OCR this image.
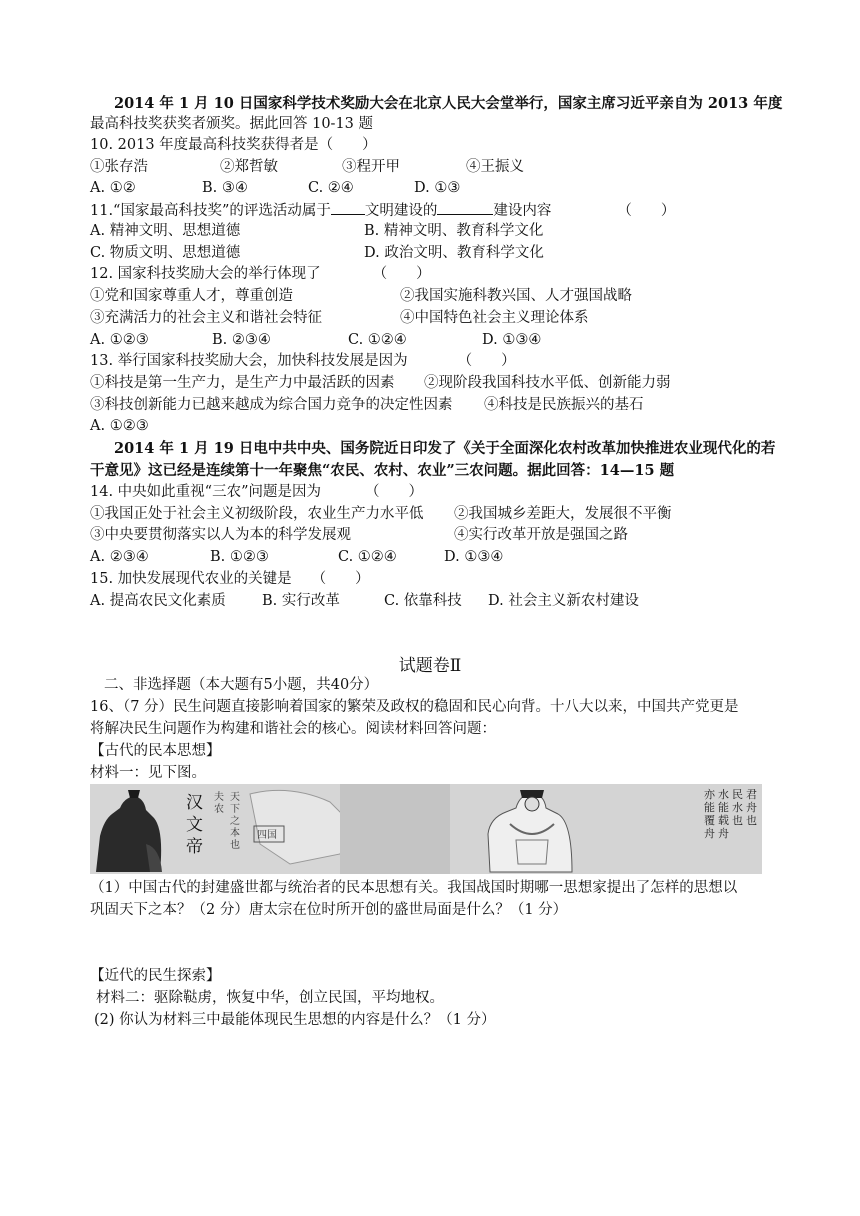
2014 年 1 月 10 日国家科学技术奖励大会在北京人民大会堂举行，国家主席习近平亲自为 2013 年度
最高科技奖获奖者颁奖。据此回答 10-13 题
10. 2013 年度最高科技奖获得者是（　　）
①张存浩	②郑哲敏	③程开甲	④王振义
A. ①②	B. ③④	C. ②④	D. ①③
11.“国家最高科技奖”的评选活动属于 文明建设的	建设内容	（　　）
A. 精神文明、思想道德	B. 精神文明、教育科学文化
C. 物质文明、思想道德	D. 政治文明、教育科学文化
12. 国家科技奖励大会的举行体现了	（　　）
①党和国家尊重人才，尊重创造	②我国实施科教兴国、人才强国战略
③充满活力的社会主义和谐社会特征	④中国特色社会主义理论体系
A. ①②③	B. ②③④	C. ①②④	D. ①③④
13. 举行国家科技奖励大会，加快科技发展是因为	（　　）
①科技是第一生产力，是生产力中最活跃的因素	②现阶段我国科技水平低、创新能力弱
③科技创新能力已越来越成为综合国力竞争的决定性因素	④科技是民族振兴的基石
A. ①②③
2014 年 1 月 19 日电中共中央、国务院近日印发了《关于全面深化农村改革加快推进农业现代化的若
干意见》这已经是连续第十一年聚焦“农民、农村、农业”三农问题。据此回答：14—15 题
14. 中央如此重视“三农”问题是因为	（　　）
①我国正处于社会主义初级阶段，农业生产力水平低	②我国城乡差距大，发展很不平衡
③中央要贯彻落实以人为本的科学发展观	④实行改革开放是强国之路
A. ②③④	B. ①②③	C. ①②④	D. ①③④
15. 加快发展现代农业的关键是 （　　）
A. 提高农民文化素质	B. 实行改革	C. 依靠科技	D. 社会主义新农村建设
试题卷Ⅱ
二、非选择题（本大题有5小题，共40分）
16、（7 分）民生问题直接影响着国家的繁荣及政权的稳固和民心向背。十八大以来，中国共产党更是
将解决民生问题作为构建和谐社会的核心。阅读材料回答问题：
【古代的民本思想】
材料一：见下图。
四国
汉
文
帝
夫
农
天
下
之
本
也
君
舟
也
民
水
也
水
能
载
舟
亦
能
覆
舟
（1）中国古代的封建盛世都与统治者的民本思想有关。我国战国时期哪一思想家提出了怎样的思想以
巩固天下之本？（2 分）唐太宗在位时所开创的盛世局面是什么？（1 分）
【近代的民生探索】
材料二：驱除鞑虏，恢复中华，创立民国，平均地权。
(2) 你认为材料三中最能体现民生思想的内容是什么？（1 分）
